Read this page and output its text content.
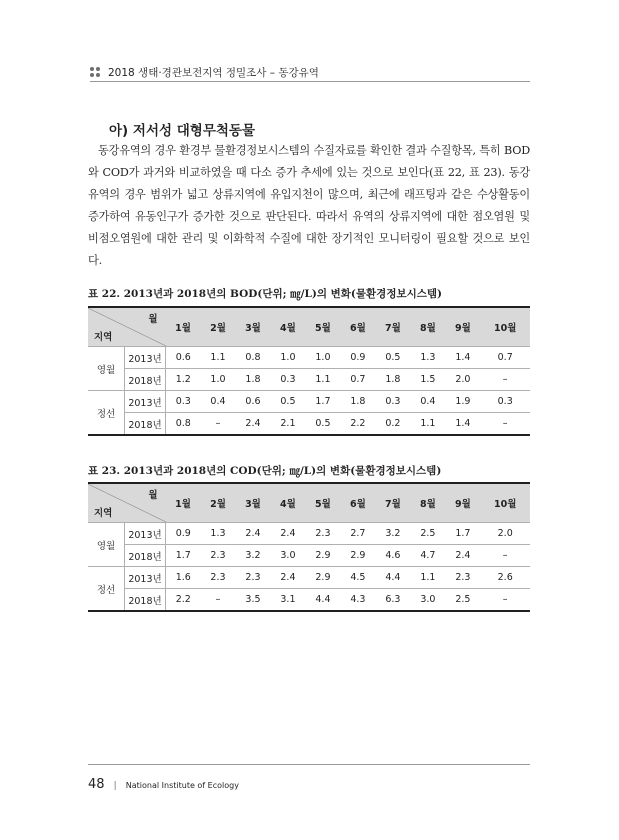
2018 생태·경관보전지역 정밀조사 – 동강유역
아) 저서성 대형무척동물

동강유역의 경우 환경부 물환경정보시스템의 수질자료를 확인한 결과 수질항목, 특히 BOD와 COD가 과거와 비교하였을 때 다소 증가 추세에 있는 것으로 보인다(표 22, 표 23). 동강유역의 경우 범위가 넓고 상류지역에 유입지천이 많으며, 최근에 래프팅과 같은 수상활동이 증가하여 유동인구가 증가한 것으로 판단된다. 따라서 유역의 상류지역에 대한 점오염원 및 비점오염원에 대한 관리 및 이화학적 수질에 대한 장기적인 모니터링이 필요할 것으로 보인다.

표 22. 2013년과 2018년의 BOD(단위; ㎎/L)의 변화(물환경정보시스템)
월
지역		1월	2월	3월	4월	5월	6월	7월	8월	9월	10월
영월	2013년	0.6	1.1	0.8	1.0	1.0	0.9	0.5	1.3	1.4	0.7
	2018년	1.2	1.0	1.8	0.3	1.1	0.7	1.8	1.5	2.0	–
정선	2013년	0.3	0.4	0.6	0.5	1.7	1.8	0.3	0.4	1.9	0.3
	2018년	0.8	–	2.4	2.1	0.5	2.2	0.2	1.1	1.4	–
표 23. 2013년과 2018년의 COD(단위; ㎎/L)의 변화(물환경정보시스템)
월
지역		1월	2월	3월	4월	5월	6월	7월	8월	9월	10월
영월	2013년	0.9	1.3	2.4	2.4	2.3	2.7	3.2	2.5	1.7	2.0
	2018년	1.7	2.3	3.2	3.0	2.9	2.9	4.6	4.7	2.4	–
정선	2013년	1.6	2.3	2.3	2.4	2.9	4.5	4.4	1.1	2.3	2.6
	2018년	2.2	–	3.5	3.1	4.4	4.3	6.3	3.0	2.5	–
48 | National Institute of Ecology
